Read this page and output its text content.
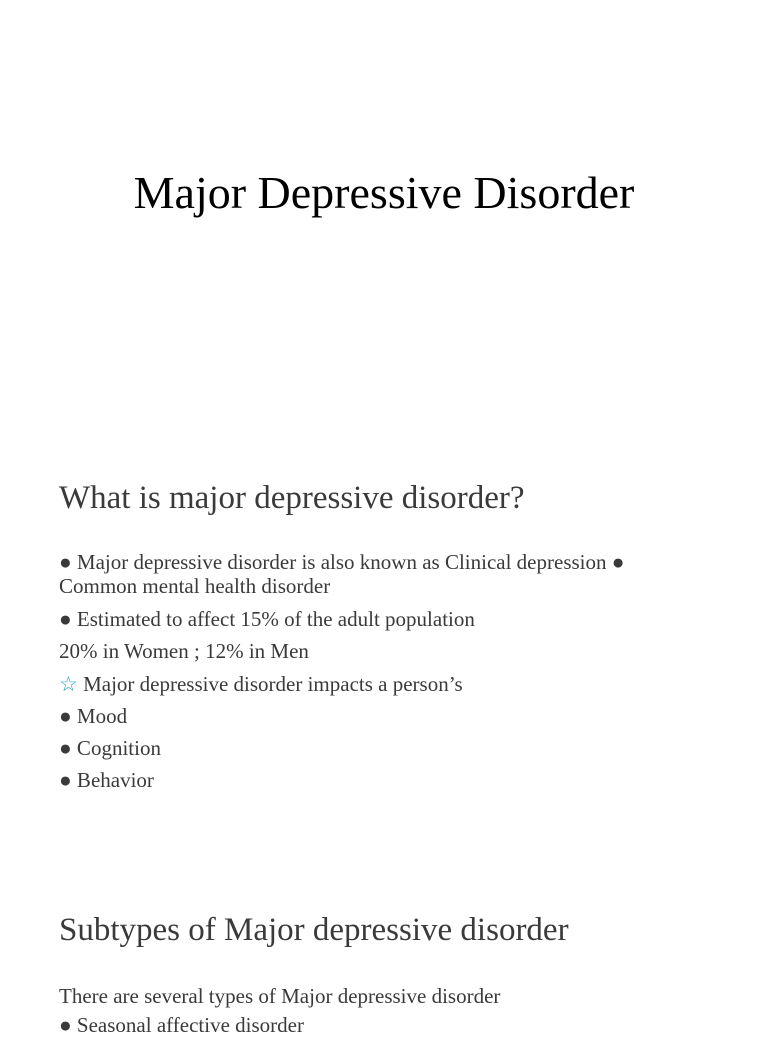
Major Depressive Disorder
What is major depressive disorder?

● Major depressive disorder is also known as Clinical depression ●

Common mental health disorder

● Estimated to affect 15% of the adult population

20% in Women ; 12% in Men

☆ Major depressive disorder impacts a person’s

● Mood

● Cognition

● Behavior

Subtypes of Major depressive disorder

There are several types of Major depressive disorder

● Seasonal affective disorder
